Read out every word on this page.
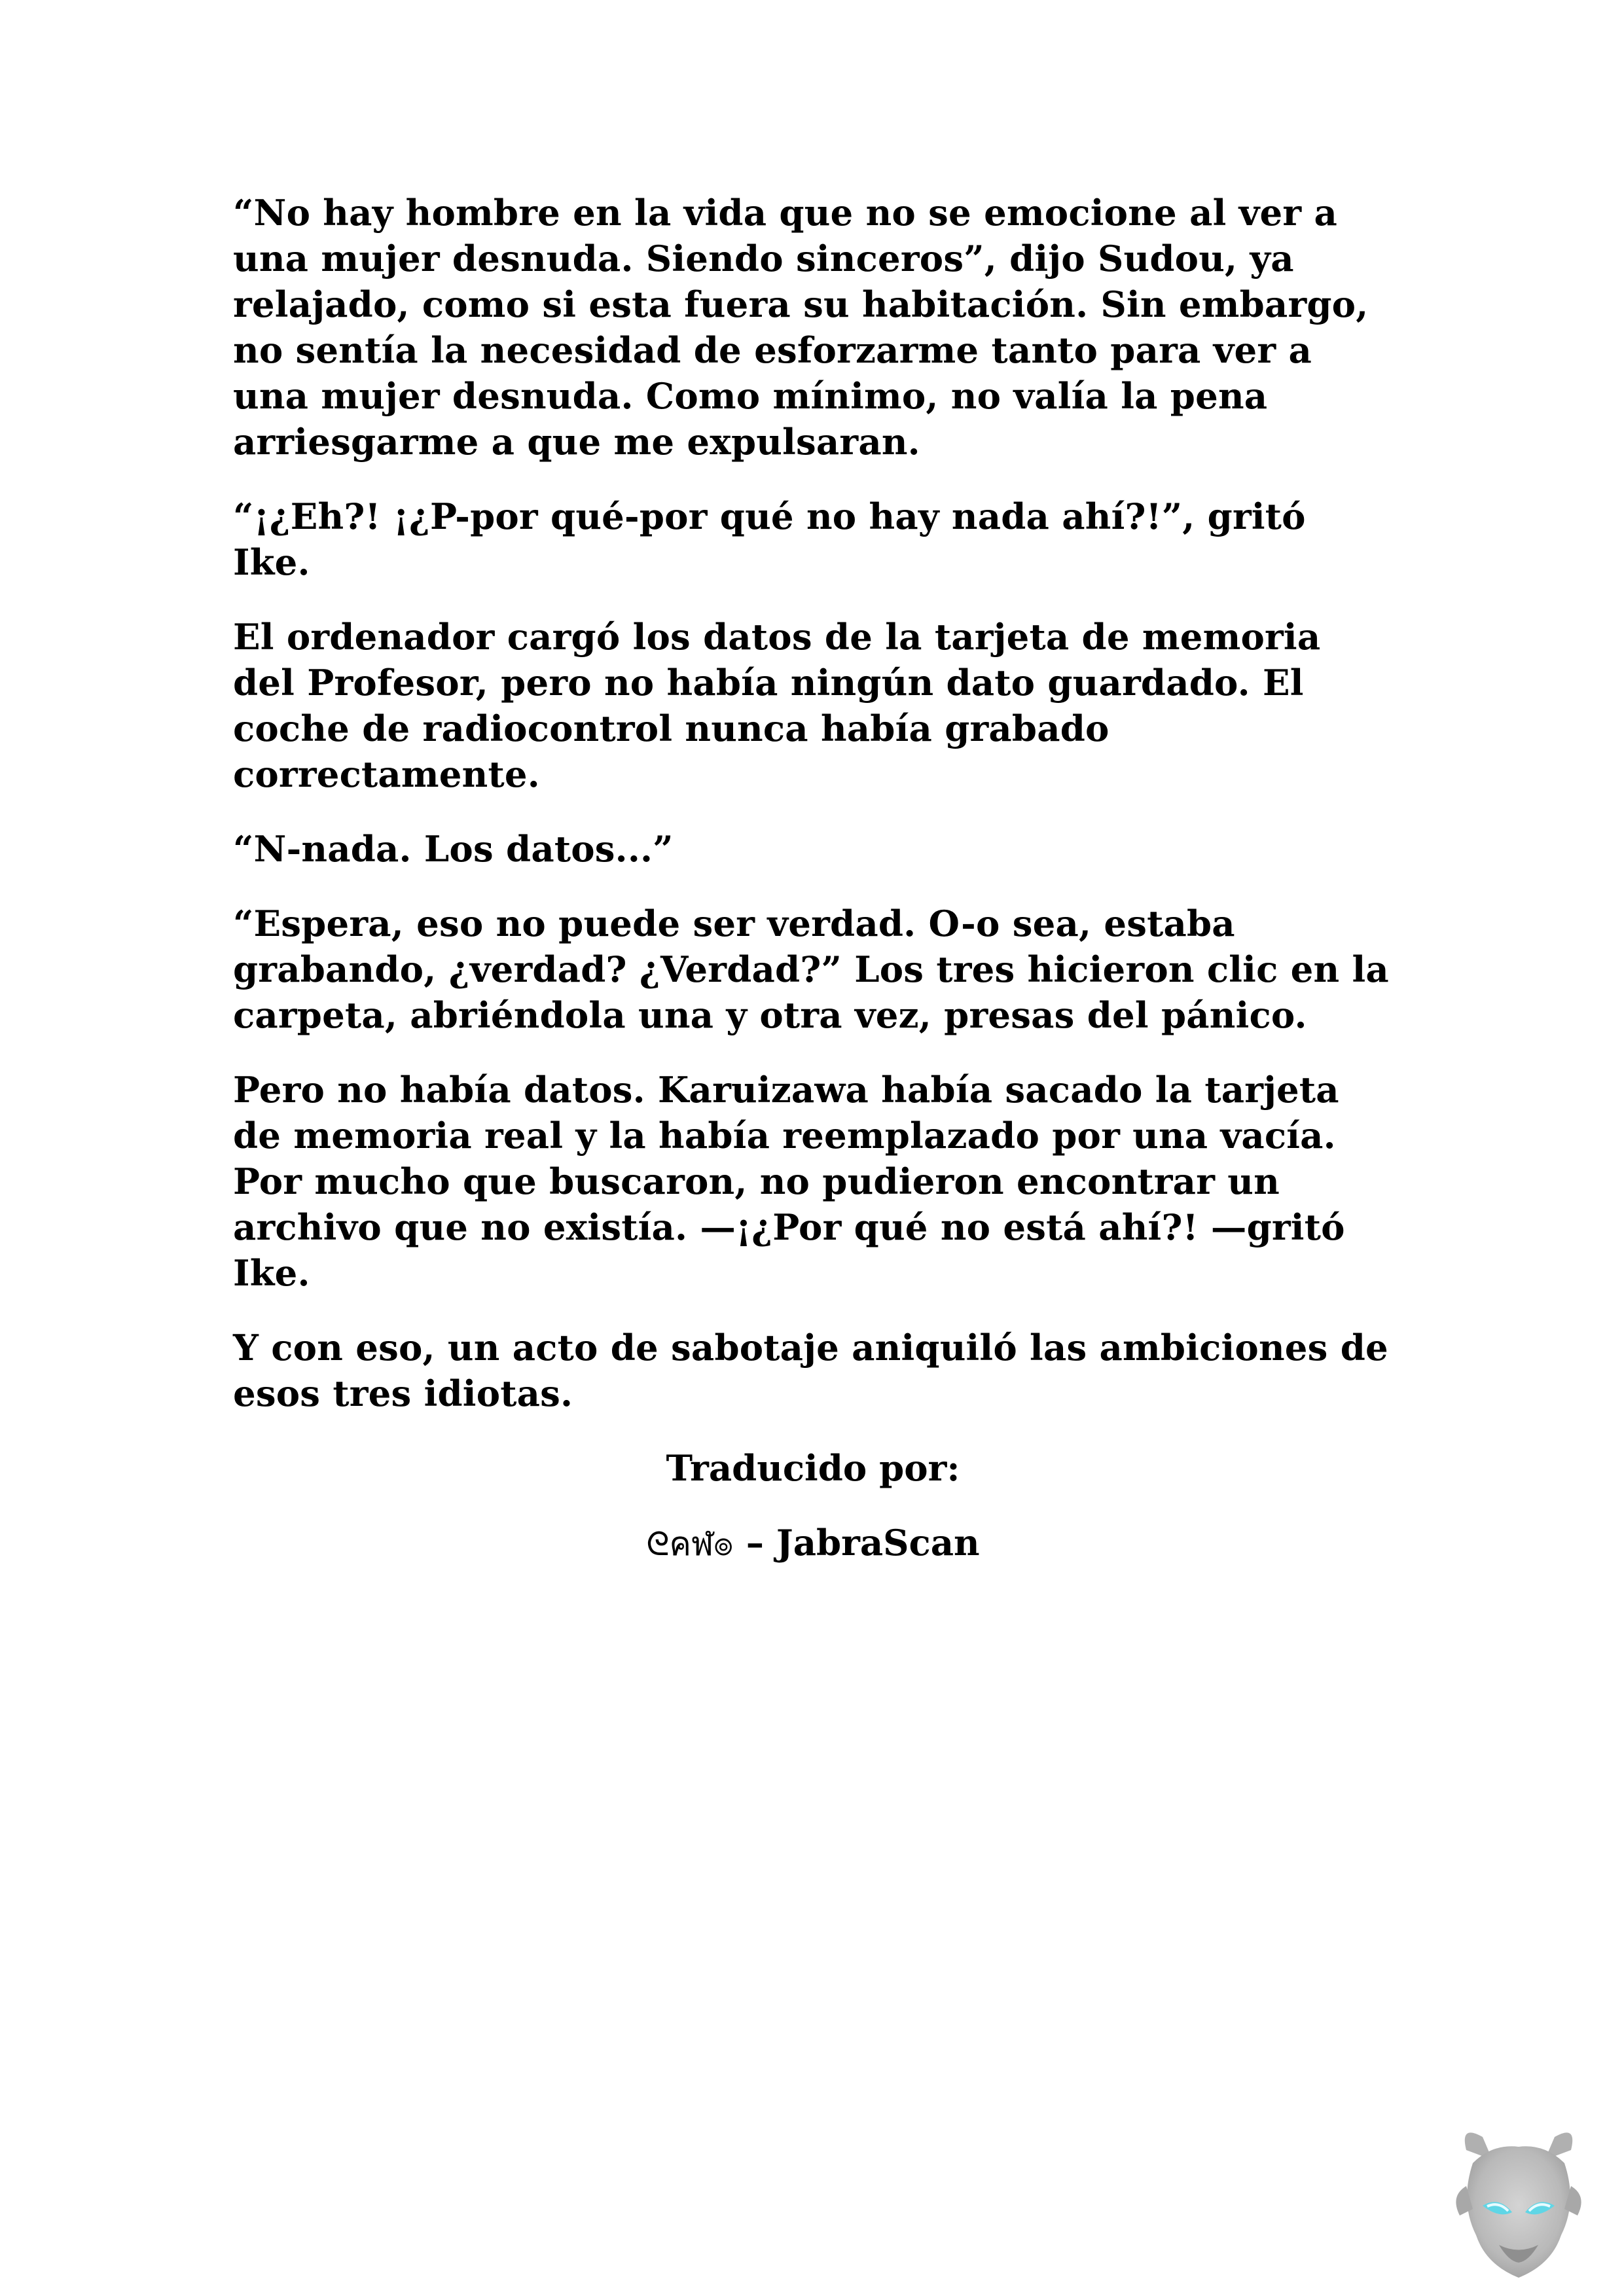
“No hay hombre en la vida que no se emocione al ver a una mujer desnuda. Siendo sinceros”, dijo Sudou, ya relajado, como si esta fuera su habitación. Sin embargo, no sentía la necesidad de esforzarme tanto para ver a una mujer desnuda. Como mínimo, no valía la pena arriesgarme a que me expulsaran.

“¡¿Eh?! ¡¿P-por qué-por qué no hay nada ahí?!”, gritó Ike.

El ordenador cargó los datos de la tarjeta de memoria del Profesor, pero no había ningún dato guardado. El coche de radiocontrol nunca había grabado correctamente.

“N-nada. Los datos...”

“Espera, eso no puede ser verdad. O-o sea, estaba grabando, ¿verdad? ¿Verdad?” Los tres hicieron clic en la carpeta, abriéndola una y otra vez, presas del pánico.

Pero no había datos. Karuizawa había sacado la tarjeta de memoria real y la había reemplazado por una vacía. Por mucho que buscaron, no pudieron encontrar un archivo que no existía. —¡¿Por qué no está ahí?! —gritó Ike.

Y con eso, un acto de sabotaje aniquiló las ambiciones de esos tres idiotas.

Traducido por:

ᘓคฬ๏ – JabraScan
